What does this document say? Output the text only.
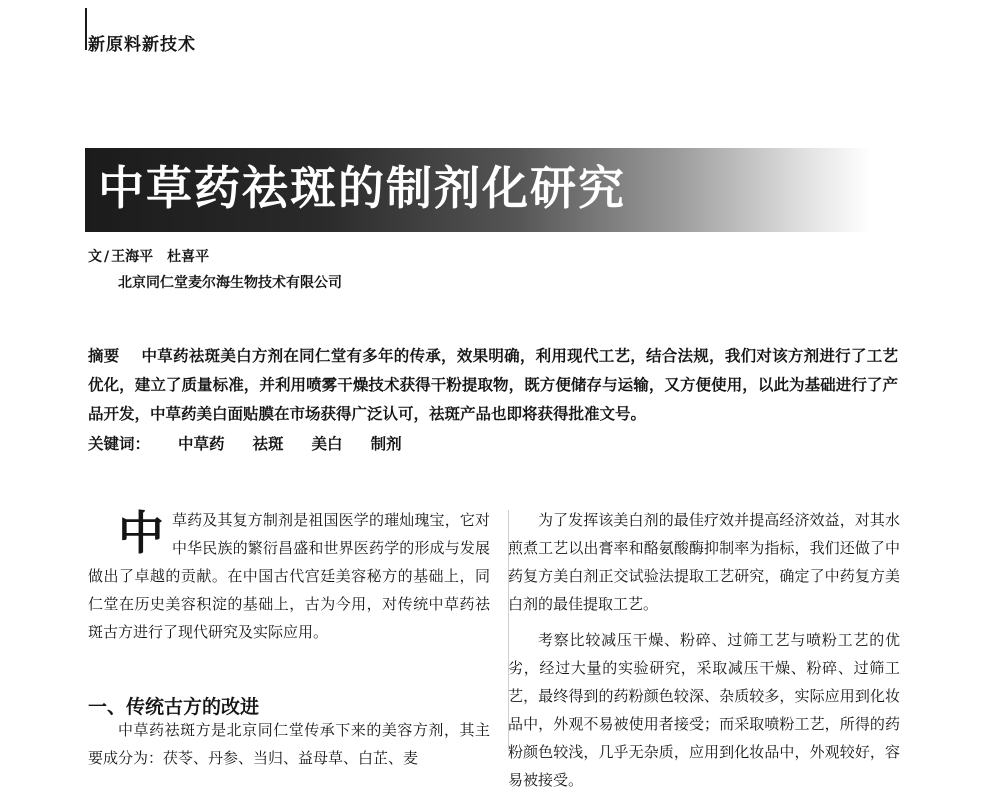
新原料新技术
中草药祛斑的制剂化研究
文 / 王海平 杜喜平
北京同仁堂麦尔海生物技术有限公司

摘要 中草药祛斑美白方剂在同仁堂有多年的传承，效果明确，利用现代工艺，结合法规，我们对该方剂进行了工艺优化，建立了质量标准，并利用喷雾干燥技术获得干粉提取物，既方便储存与运输，又方便使用，以此为基础进行了产品开发，中草药美白面贴膜在市场获得广泛认可，祛斑产品也即将获得批准文号。

关键词： 中草药 祛斑 美白 制剂

中草药及其复方制剂是祖国医学的璀灿瑰宝，它对中华民族的繁衍昌盛和世界医药学的形成与发展做出了卓越的贡献。在中国古代宫廷美容秘方的基础上，同仁堂在历史美容积淀的基础上，古为今用，对传统中草药祛斑古方进行了现代研究及实际应用。

一、传统古方的改进

中草药祛斑方是北京同仁堂传承下来的美容方剂，其主要成分为：茯苓、丹参、当归、益母草、白芷、麦

为了发挥该美白剂的最佳疗效并提高经济效益，对其水煎煮工艺以出膏率和酪氨酸酶抑制率为指标，我们还做了中药复方美白剂正交试验法提取工艺研究，确定了中药复方美白剂的最佳提取工艺。

考察比较减压干燥、粉碎、过筛工艺与喷粉工艺的优劣，经过大量的实验研究，采取减压干燥、粉碎、过筛工艺，最终得到的药粉颜色较深、杂质较多，实际应用到化妆品中，外观不易被使用者接受；而采取喷粉工艺，所得的药粉颜色较浅，几乎无杂质，应用到化妆品中，外观较好，容易被接受。
